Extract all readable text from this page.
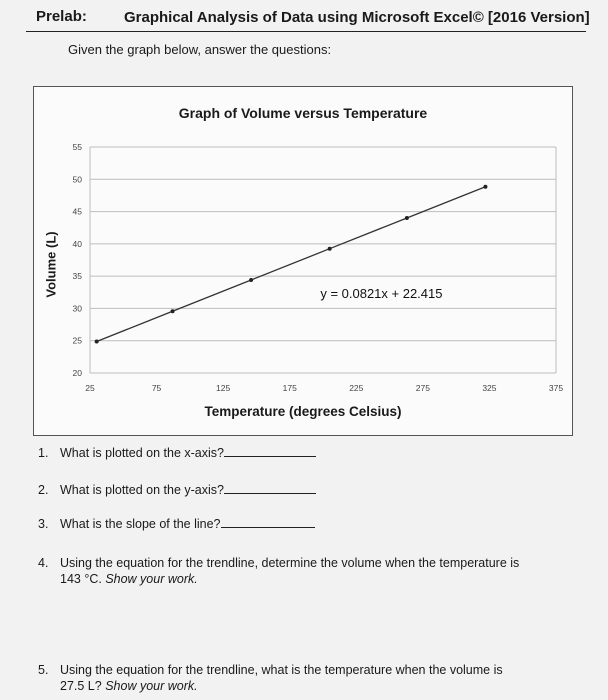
Prelab: Graphical Analysis of Data using Microsoft Excel© [2016 Version]
Given the graph below, answer the questions:
Graph of Volume versus Temperature
Volume (L)
Temperature (degrees Celsius)
20
25
30
35
40
45
50
55
25	75	125	175	225	275	325	375
y = 0.0821x + 22.415
1. What is plotted on the x-axis?
2. What is plotted on the y-axis?
3. What is the slope of the line?
4. Using the equation for the trendline, determine the volume when the temperature is
143 °C. Show your work.
5. Using the equation for the trendline, what is the temperature when the volume is
27.5 L? Show your work.
